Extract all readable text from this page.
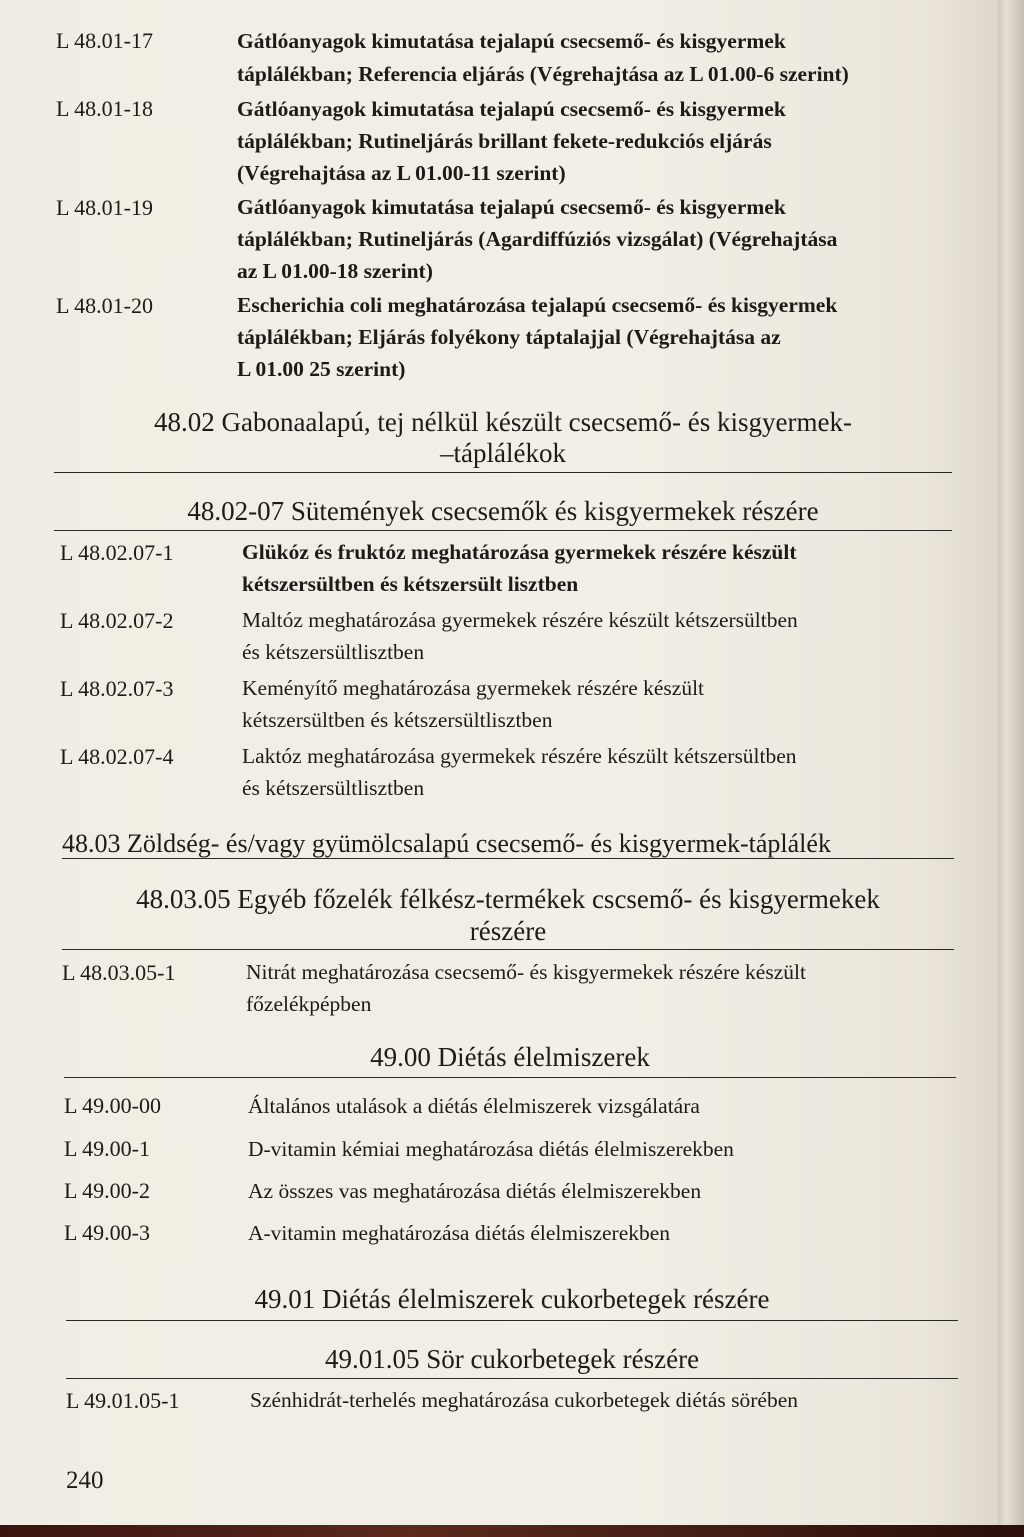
L 48.01-17	Gátlóanyagok kimutatása tejalapú csecsemő- és kisgyermek
táplálékban; Referencia eljárás (Végrehajtása az L 01.00-6 szerint)
L 48.01-18	Gátlóanyagok kimutatása tejalapú csecsemő- és kisgyermek
táplálékban; Rutineljárás brillant fekete-redukciós eljárás
(Végrehajtása az L 01.00-11 szerint)
L 48.01-19	Gátlóanyagok kimutatása tejalapú csecsemő- és kisgyermek
táplálékban; Rutineljárás (Agardiffúziós vizsgálat) (Végrehajtása
az L 01.00-18 szerint)
L 48.01-20	Escherichia coli meghatározása tejalapú csecsemő- és kisgyermek
táplálékban; Eljárás folyékony táptalajjal (Végrehajtása az
L 01.00 25 szerint)
48.02 Gabonaalapú, tej nélkül készült csecsemő- és kisgyermek-
–táplálékok
48.02-07 Sütemények csecsemők és kisgyermekek részére
L 48.02.07-1	Glükóz és fruktóz meghatározása gyermekek részére készült
kétszersültben és kétszersült lisztben
L 48.02.07-2	Maltóz meghatározása gyermekek részére készült kétszersültben
és kétszersültlisztben
L 48.02.07-3	Keményítő meghatározása gyermekek részére készült
kétszersültben és kétszersültlisztben
L 48.02.07-4	Laktóz meghatározása gyermekek részére készült kétszersültben
és kétszersültlisztben
48.03 Zöldség- és/vagy gyümölcsalapú csecsemő- és kisgyermek-táplálék
48.03.05 Egyéb főzelék félkész-termékek cscsemő- és kisgyermekek
részére
L 48.03.05-1	Nitrát meghatározása csecsemő- és kisgyermekek részére készült
főzelékpépben
49.00 Diétás élelmiszerek
L 49.00-00	Általános utalások a diétás élelmiszerek vizsgálatára
L 49.00-1	D-vitamin kémiai meghatározása diétás élelmiszerekben
L 49.00-2	Az összes vas meghatározása diétás élelmiszerekben
L 49.00-3	A-vitamin meghatározása diétás élelmiszerekben
49.01 Diétás élelmiszerek cukorbetegek részére
49.01.05 Sör cukorbetegek részére
L 49.01.05-1	Szénhidrát-terhelés meghatározása cukorbetegek diétás sörében
240
